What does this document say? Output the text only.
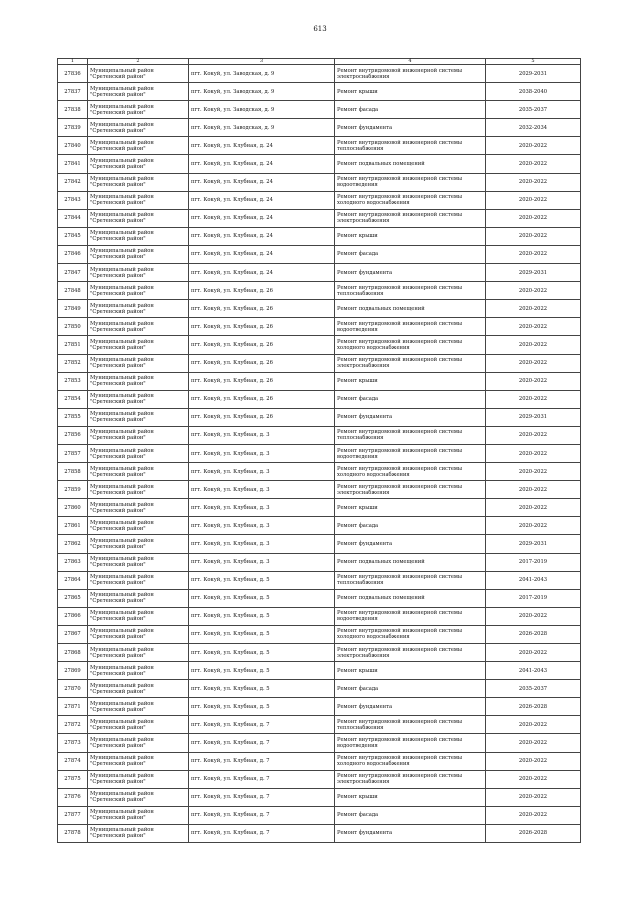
613
1	2	3	4	5
27836	Муниципальный район "Сретенский район"	пгт. Кокуй, ул. Заводская, д. 9	Ремонт внутридомовой инженерной системы электроснабжения	2029-2031
27837	Муниципальный район "Сретенский район"	пгт. Кокуй, ул. Заводская, д. 9	Ремонт крыши	2038-2040
27838	Муниципальный район "Сретенский район"	пгт. Кокуй, ул. Заводская, д. 9	Ремонт фасада	2035-2037
27839	Муниципальный район "Сретенский район"	пгт. Кокуй, ул. Заводская, д. 9	Ремонт фундамента	2032-2034
27840	Муниципальный район "Сретенский район"	пгт. Кокуй, ул. Клубная, д. 24	Ремонт внутридомовой инженерной системы теплоснабжения	2020-2022
27841	Муниципальный район "Сретенский район"	пгт. Кокуй, ул. Клубная, д. 24	Ремонт подвальных помещений	2020-2022
27842	Муниципальный район "Сретенский район"	пгт. Кокуй, ул. Клубная, д. 24	Ремонт внутридомовой инженерной системы водоотведения	2020-2022
27843	Муниципальный район "Сретенский район"	пгт. Кокуй, ул. Клубная, д. 24	Ремонт внутридомовой инженерной системы холодного водоснабжения	2020-2022
27844	Муниципальный район "Сретенский район"	пгт. Кокуй, ул. Клубная, д. 24	Ремонт внутридомовой инженерной системы электроснабжения	2020-2022
27845	Муниципальный район "Сретенский район"	пгт. Кокуй, ул. Клубная, д. 24	Ремонт крыши	2020-2022
27846	Муниципальный район "Сретенский район"	пгт. Кокуй, ул. Клубная, д. 24	Ремонт фасада	2020-2022
27847	Муниципальный район "Сретенский район"	пгт. Кокуй, ул. Клубная, д. 24	Ремонт фундамента	2029-2031
27848	Муниципальный район "Сретенский район"	пгт. Кокуй, ул. Клубная, д. 26	Ремонт внутридомовой инженерной системы теплоснабжения	2020-2022
27849	Муниципальный район "Сретенский район"	пгт. Кокуй, ул. Клубная, д. 26	Ремонт подвальных помещений	2020-2022
27850	Муниципальный район "Сретенский район"	пгт. Кокуй, ул. Клубная, д. 26	Ремонт внутридомовой инженерной системы водоотведения	2020-2022
27851	Муниципальный район "Сретенский район"	пгт. Кокуй, ул. Клубная, д. 26	Ремонт внутридомовой инженерной системы холодного водоснабжения	2020-2022
27852	Муниципальный район "Сретенский район"	пгт. Кокуй, ул. Клубная, д. 26	Ремонт внутридомовой инженерной системы электроснабжения	2020-2022
27853	Муниципальный район "Сретенский район"	пгт. Кокуй, ул. Клубная, д. 26	Ремонт крыши	2020-2022
27854	Муниципальный район "Сретенский район"	пгт. Кокуй, ул. Клубная, д. 26	Ремонт фасада	2020-2022
27855	Муниципальный район "Сретенский район"	пгт. Кокуй, ул. Клубная, д. 26	Ремонт фундамента	2029-2031
27856	Муниципальный район "Сретенский район"	пгт. Кокуй, ул. Клубная, д. 3	Ремонт внутридомовой инженерной системы теплоснабжения	2020-2022
27857	Муниципальный район "Сретенский район"	пгт. Кокуй, ул. Клубная, д. 3	Ремонт внутридомовой инженерной системы водоотведения	2020-2022
27858	Муниципальный район "Сретенский район"	пгт. Кокуй, ул. Клубная, д. 3	Ремонт внутридомовой инженерной системы холодного водоснабжения	2020-2022
27859	Муниципальный район "Сретенский район"	пгт. Кокуй, ул. Клубная, д. 3	Ремонт внутридомовой инженерной системы электроснабжения	2020-2022
27860	Муниципальный район "Сретенский район"	пгт. Кокуй, ул. Клубная, д. 3	Ремонт крыши	2020-2022
27861	Муниципальный район "Сретенский район"	пгт. Кокуй, ул. Клубная, д. 3	Ремонт фасада	2020-2022
27862	Муниципальный район "Сретенский район"	пгт. Кокуй, ул. Клубная, д. 3	Ремонт фундамента	2029-2031
27863	Муниципальный район "Сретенский район"	пгт. Кокуй, ул. Клубная, д. 3	Ремонт подвальных помещений	2017-2019
27864	Муниципальный район "Сретенский район"	пгт. Кокуй, ул. Клубная, д. 5	Ремонт внутридомовой инженерной системы теплоснабжения	2041-2043
27865	Муниципальный район "Сретенский район"	пгт. Кокуй, ул. Клубная, д. 5	Ремонт подвальных помещений	2017-2019
27866	Муниципальный район "Сретенский район"	пгт. Кокуй, ул. Клубная, д. 5	Ремонт внутридомовой инженерной системы водоотведения	2020-2022
27867	Муниципальный район "Сретенский район"	пгт. Кокуй, ул. Клубная, д. 5	Ремонт внутридомовой инженерной системы холодного водоснабжения	2026-2028
27868	Муниципальный район "Сретенский район"	пгт. Кокуй, ул. Клубная, д. 5	Ремонт внутридомовой инженерной системы электроснабжения	2020-2022
27869	Муниципальный район "Сретенский район"	пгт. Кокуй, ул. Клубная, д. 5	Ремонт крыши	2041-2043
27870	Муниципальный район "Сретенский район"	пгт. Кокуй, ул. Клубная, д. 5	Ремонт фасада	2035-2037
27871	Муниципальный район "Сретенский район"	пгт. Кокуй, ул. Клубная, д. 5	Ремонт фундамента	2026-2028
27872	Муниципальный район "Сретенский район"	пгт. Кокуй, ул. Клубная, д. 7	Ремонт внутридомовой инженерной системы теплоснабжения	2020-2022
27873	Муниципальный район "Сретенский район"	пгт. Кокуй, ул. Клубная, д. 7	Ремонт внутридомовой инженерной системы водоотведения	2020-2022
27874	Муниципальный район "Сретенский район"	пгт. Кокуй, ул. Клубная, д. 7	Ремонт внутридомовой инженерной системы холодного водоснабжения	2020-2022
27875	Муниципальный район "Сретенский район"	пгт. Кокуй, ул. Клубная, д. 7	Ремонт внутридомовой инженерной системы электроснабжения	2020-2022
27876	Муниципальный район "Сретенский район"	пгт. Кокуй, ул. Клубная, д. 7	Ремонт крыши	2020-2022
27877	Муниципальный район "Сретенский район"	пгт. Кокуй, ул. Клубная, д. 7	Ремонт фасада	2020-2022
27878	Муниципальный район "Сретенский район"	пгт. Кокуй, ул. Клубная, д. 7	Ремонт фундамента	2026-2028
